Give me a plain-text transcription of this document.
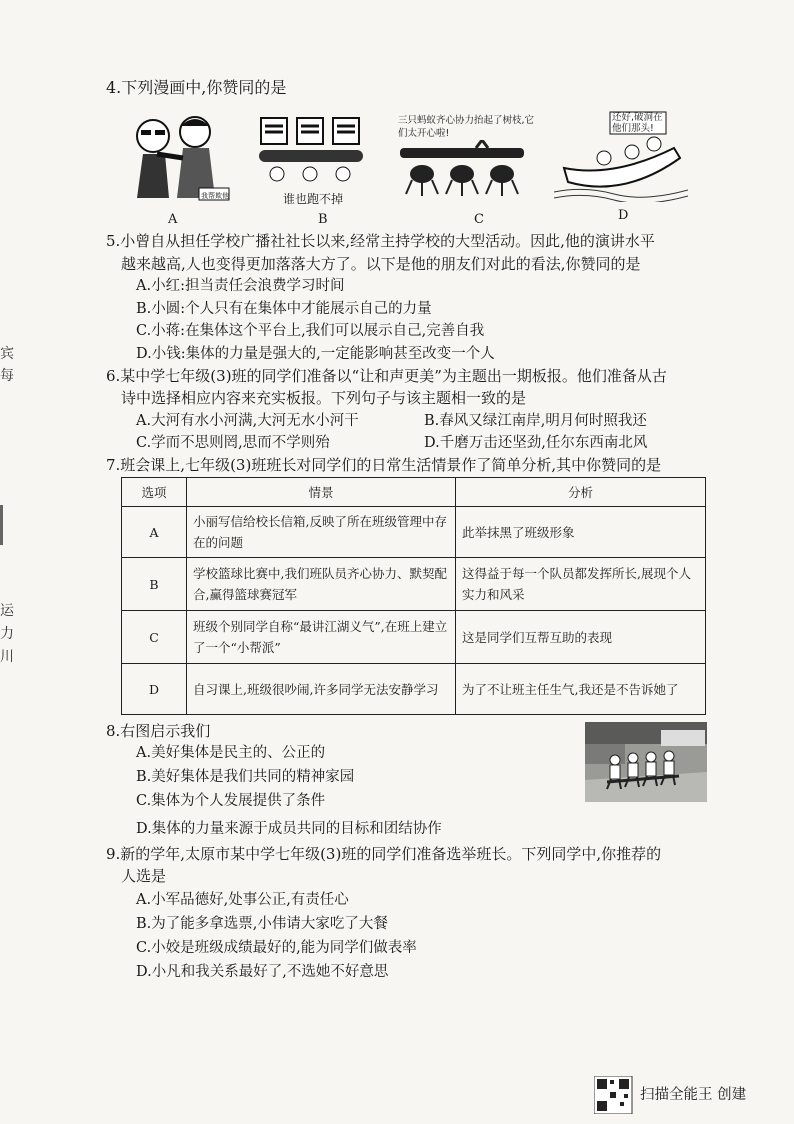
宾
每
运
力
川
4.下列漫画中,你赞同的是
我帮欺他	谁也跑不掉
三只蚂蚁齐心协力抬起了树枝,它们太开心啦!
还好,破洞在他们那头!
A	B	C	D
5.小曾自从担任学校广播社社长以来,经常主持学校的大型活动。因此,他的演讲水平
越来越高,人也变得更加落落大方了。以下是他的朋友们对此的看法,你赞同的是
A.小红:担当责任会浪费学习时间
B.小圆:个人只有在集体中才能展示自己的力量
C.小蒋:在集体这个平台上,我们可以展示自己,完善自我
D.小钱:集体的力量是强大的,一定能影响甚至改变一个人
6.某中学七年级(3)班的同学们准备以“让和声更美”为主题出一期板报。他们准备从古
诗中选择相应内容来充实板报。下列句子与该主题相一致的是
A.大河有水小河满,大河无水小河干	B.春风又绿江南岸,明月何时照我还
C.学而不思则罔,思而不学则殆	D.千磨万击还坚劲,任尔东西南北风
7.班会课上,七年级(3)班班长对同学们的日常生活情景作了简单分析,其中你赞同的是
选项	情景	分析
A	小丽写信给校长信箱,反映了所在班级管理中存在的问题	此举抹黑了班级形象
B	学校篮球比赛中,我们班队员齐心协力、默契配合,赢得篮球赛冠军	这得益于每一个队员都发挥所长,展现个人实力和风采
C	班级个别同学自称“最讲江湖义气”,在班上建立了一个“小帮派”	这是同学们互帮互助的表现
D	自习课上,班级很吵闹,许多同学无法安静学习	为了不让班主任生气,我还是不告诉她了
8.右图启示我们
A.美好集体是民主的、公正的
B.美好集体是我们共同的精神家园
C.集体为个人发展提供了条件
D.集体的力量来源于成员共同的目标和团结协作
9.新的学年,太原市某中学七年级(3)班的同学们准备选举班长。下列同学中,你推荐的
人选是
A.小军品德好,处事公正,有责任心
B.为了能多拿选票,小伟请大家吃了大餐
C.小姣是班级成绩最好的,能为同学们做表率
D.小凡和我关系最好了,不选她不好意思
扫描全能王 创建
